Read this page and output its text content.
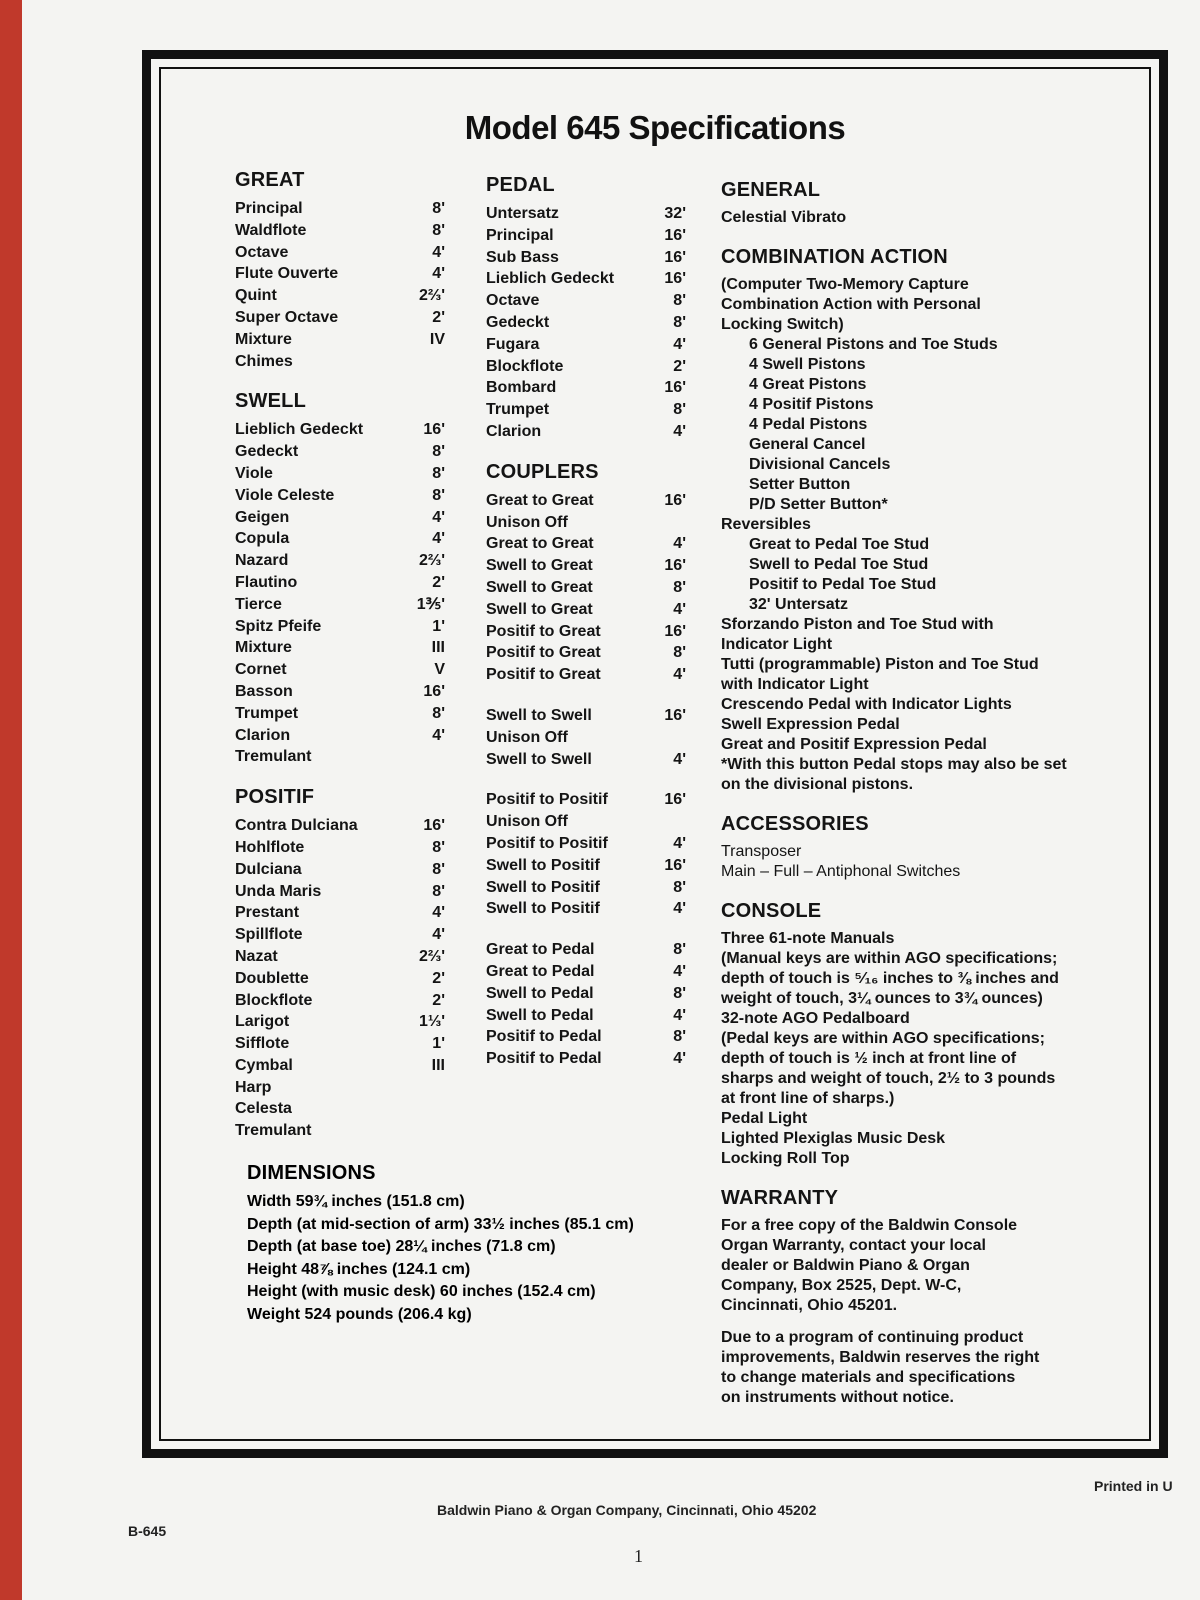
Model 645 Specifications
GREAT
Principal	8'
Waldflote	8'
Octave	4'
Flute Ouverte	4'
Quint	2⅔'
Super Octave	2'
Mixture	IV
Chimes
SWELL
Lieblich Gedeckt	16'
Gedeckt	8'
Viole	8'
Viole Celeste	8'
Geigen	4'
Copula	4'
Nazard	2⅔'
Flautino	2'
Tierce	1⅗'
Spitz Pfeife	1'
Mixture	III
Cornet	V
Basson	16'
Trumpet	8'
Clarion	4'
Tremulant
POSITIF
Contra Dulciana	16'
Hohlflote	8'
Dulciana	8'
Unda Maris	8'
Prestant	4'
Spillflote	4'
Nazat	2⅔'
Doublette	2'
Blockflote	2'
Larigot	1⅓'
Sifflote	1'
Cymbal	III
Harp
Celesta
Tremulant
PEDAL
Untersatz	32'
Principal	16'
Sub Bass	16'
Lieblich Gedeckt	16'
Octave	8'
Gedeckt	8'
Fugara	4'
Blockflote	2'
Bombard	16'
Trumpet	8'
Clarion	4'
COUPLERS
Great to Great	16'
Unison Off
Great to Great	4'
Swell to Great	16'
Swell to Great	8'
Swell to Great	4'
Positif to Great	16'
Positif to Great	8'
Positif to Great	4'
Swell to Swell	16'
Unison Off
Swell to Swell	4'
Positif to Positif	16'
Unison Off
Positif to Positif	4'
Swell to Positif	16'
Swell to Positif	8'
Swell to Positif	4'
Great to Pedal	8'
Great to Pedal	4'
Swell to Pedal	8'
Swell to Pedal	4'
Positif to Pedal	8'
Positif to Pedal	4'
GENERAL
Celestial Vibrato
COMBINATION ACTION
(Computer Two-Memory Capture
Combination Action with Personal
Locking Switch)
6 General Pistons and Toe Studs
4 Swell Pistons
4 Great Pistons
4 Positif Pistons
4 Pedal Pistons
General Cancel
Divisional Cancels
Setter Button
P/D Setter Button*
Reversibles
Great to Pedal Toe Stud
Swell to Pedal Toe Stud
Positif to Pedal Toe Stud
32' Untersatz
Sforzando Piston and Toe Stud with
Indicator Light
Tutti (programmable) Piston and Toe Stud
with Indicator Light
Crescendo Pedal with Indicator Lights
Swell Expression Pedal
Great and Positif Expression Pedal
*With this button Pedal stops may also be set
on the divisional pistons.
ACCESSORIES
Transposer
Main – Full – Antiphonal Switches
CONSOLE
Three 61-note Manuals
(Manual keys are within AGO specifications;
depth of touch is ⁵⁄₁₆ inches to ⅜ inches and
weight of touch, 3¼ ounces to 3¾ ounces)
32-note AGO Pedalboard
(Pedal keys are within AGO specifications;
depth of touch is ½ inch at front line of
sharps and weight of touch, 2½ to 3 pounds
at front line of sharps.)
Pedal Light
Lighted Plexiglas Music Desk
Locking Roll Top
WARRANTY
For a free copy of the Baldwin Console
Organ Warranty, contact your local
dealer or Baldwin Piano & Organ
Company, Box 2525, Dept. W-C,
Cincinnati, Ohio 45201.
Due to a program of continuing product
improvements, Baldwin reserves the right
to change materials and specifications
on instruments without notice.
DIMENSIONS
Width 59¾ inches (151.8 cm)
Depth (at mid-section of arm) 33½ inches (85.1 cm)
Depth (at base toe) 28¼ inches (71.8 cm)
Height 48⅞ inches (124.1 cm)
Height (with music desk) 60 inches (152.4 cm)
Weight 524 pounds (206.4 kg)
Baldwin Piano & Organ Company, Cincinnati, Ohio 45202
B-645
Printed in U
1
